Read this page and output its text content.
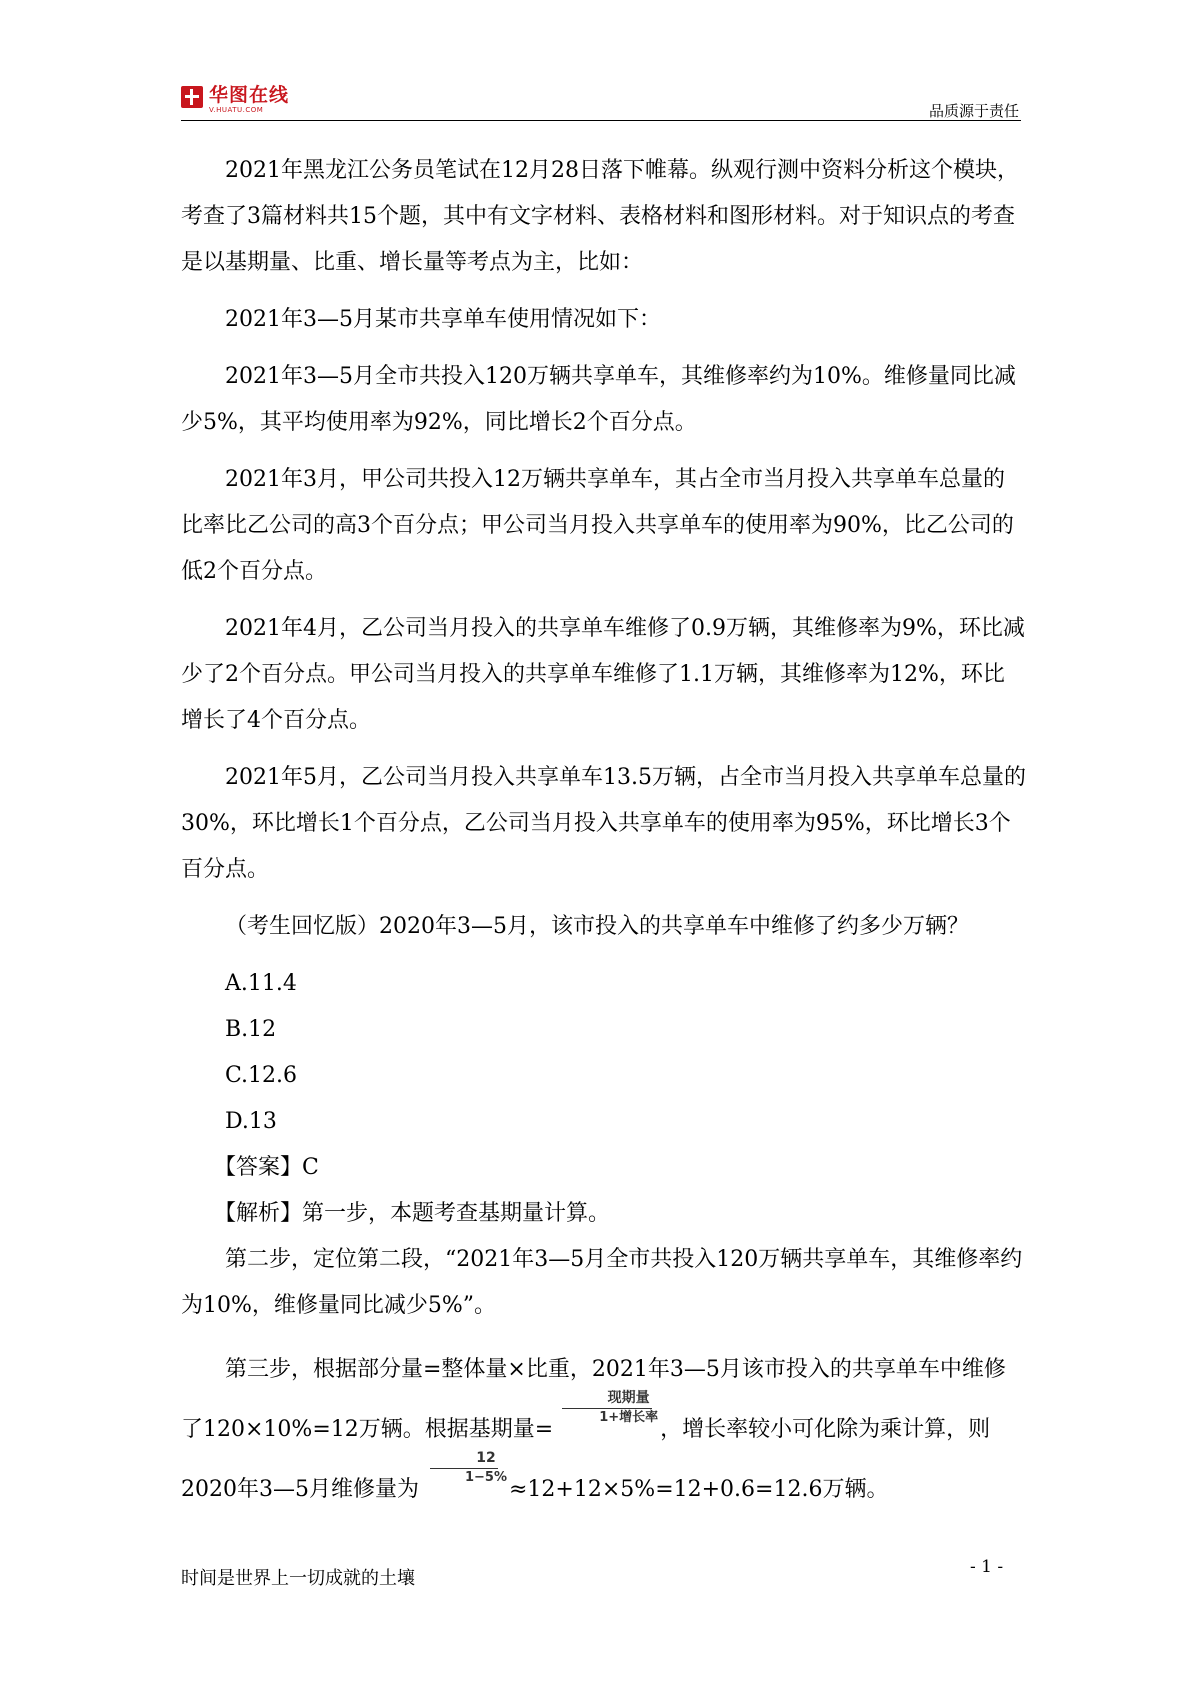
华图在线
V.HUATU.COM	品质源于责任

2021年黑龙江公务员笔试在12月28日落下帷幕。纵观行测中资料分析这个模块，考查了3篇材料共15个题，其中有文字材料、表格材料和图形材料。对于知识点的考查是以基期量、比重、增长量等考点为主，比如：

2021年3—5月某市共享单车使用情况如下：

2021年3—5月全市共投入120万辆共享单车，其维修率约为10%。维修量同比减少5%，其平均使用率为92%，同比增长2个百分点。

2021年3月，甲公司共投入12万辆共享单车，其占全市当月投入共享单车总量的比率比乙公司的高3个百分点；甲公司当月投入共享单车的使用率为90%，比乙公司的低2个百分点。

2021年4月，乙公司当月投入的共享单车维修了0.9万辆，其维修率为9%，环比减少了2个百分点。甲公司当月投入的共享单车维修了1.1万辆，其维修率为12%，环比增长了4个百分点。

2021年5月，乙公司当月投入共享单车13.5万辆，占全市当月投入共享单车总量的30%，环比增长1个百分点，乙公司当月投入共享单车的使用率为95%，环比增长3个百分点。

（考生回忆版）2020年3—5月，该市投入的共享单车中维修了约多少万辆？

A.11.4

B.12

C.12.6

D.13

【答案】C

【解析】第一步，本题考查基期量计算。

第二步，定位第二段，“2021年3—5月全市共投入120万辆共享单车，其维修率约为10%，维修量同比减少5%”。

第三步，根据部分量=整体量×比重，2021年3—5月该市投入的共享单车中维修了120×10%=12万辆。根据基期量=
$\frac{\text{现期量}}{\text{1+增长率}}$
，增长率较小可化除为乘计算，则2020年3—5月维修量为
$\frac{12}{1-5\%}$
≈12+12×5%=12+0.6=12.6万辆。

时间是世界上一切成就的土壤
- 1 -
